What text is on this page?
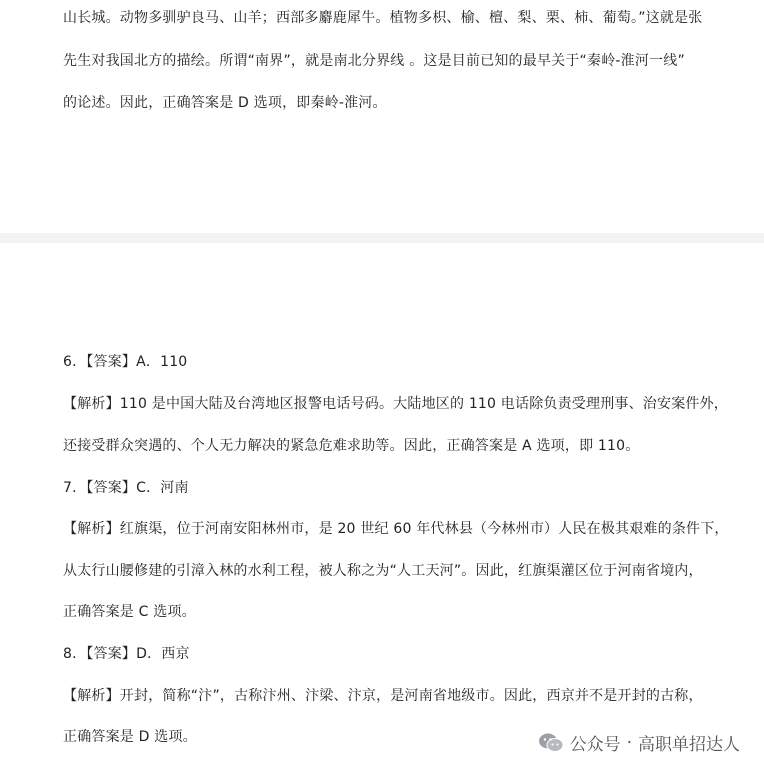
山长城。动物多驯驴良马、山羊；西部多麝鹿犀牛。植物多枳、榆、檀、梨、栗、柿、葡萄。”这就是张
先生对我国北方的描绘。所谓“南界”，就是南北分界线 。这是目前已知的最早关于“秦岭-淮河一线”
的论述。因此，正确答案是 D 选项，即秦岭-淮河。
6．【答案】A．110
【解析】110 是中国大陆及台湾地区报警电话号码。大陆地区的 110 电话除负责受理刑事、治安案件外，
还接受群众突遇的、个人无力解决的紧急危难求助等。因此，正确答案是 A 选项，即 110。
7．【答案】C．河南
【解析】红旗渠，位于河南安阳林州市，是 20 世纪 60 年代林县（今林州市）人民在极其艰难的条件下，
从太行山腰修建的引漳入林的水利工程，被人称之为“人工天河”。因此，红旗渠灌区位于河南省境内，
正确答案是 C 选项。
8．【答案】D．西京
【解析】开封，简称“汴”，古称汴州、汴梁、汴京，是河南省地级市。因此，西京并不是开封的古称，
正确答案是 D 选项。	公众号 · 高职单招达人
